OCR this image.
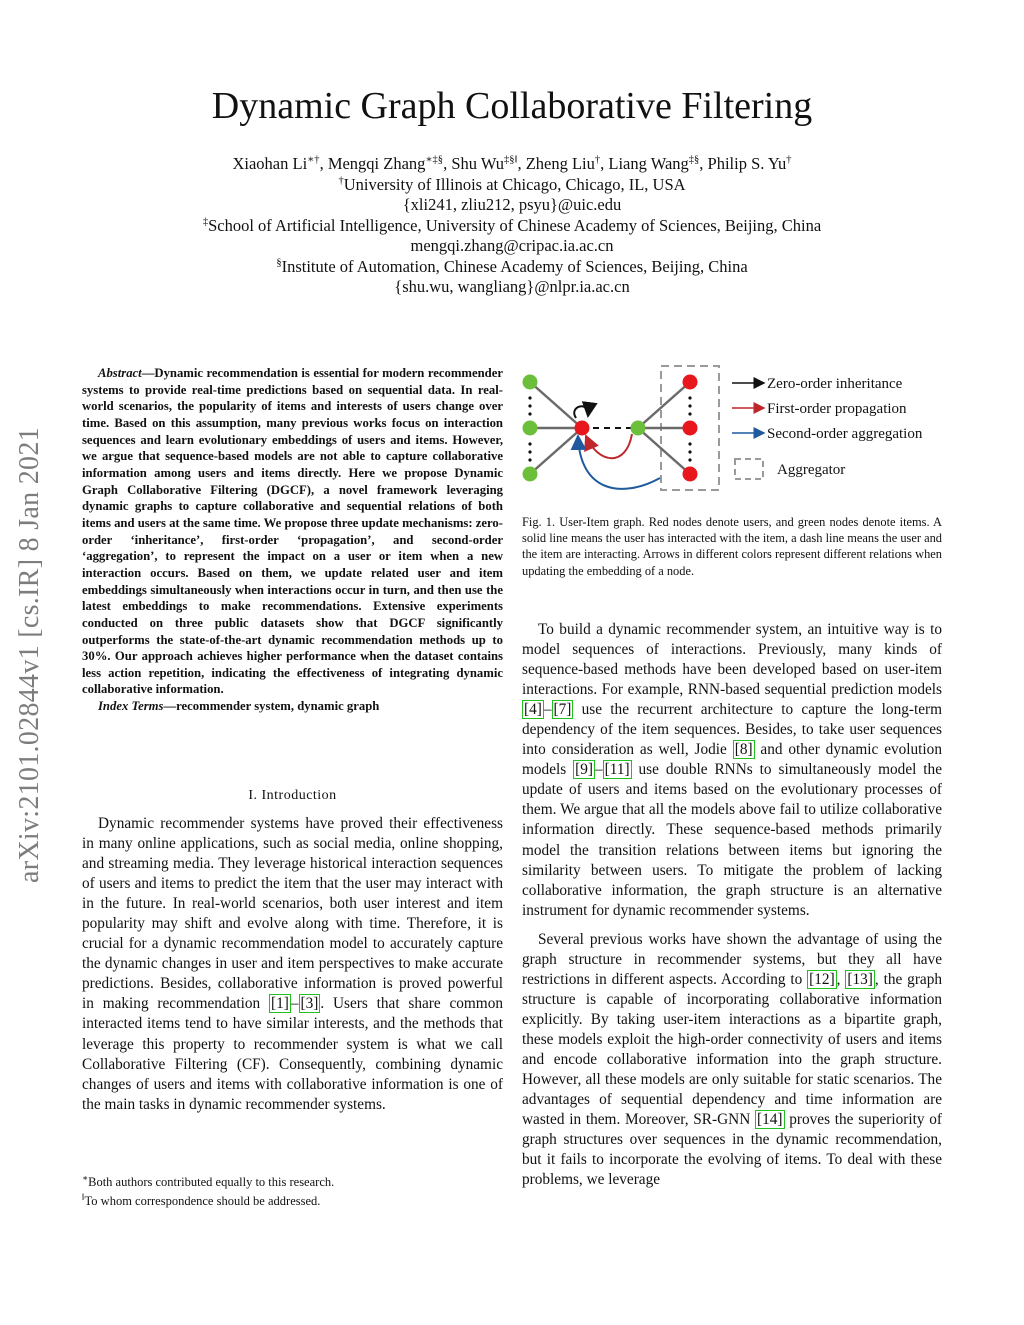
Dynamic Graph Collaborative Filtering
Xiaohan Li∗†, Mengqi Zhang∗‡§, Shu Wu‡§‖, Zheng Liu†, Liang Wang‡§, Philip S. Yu†
†University of Illinois at Chicago, Chicago, IL, USA
{xli241, zliu212, psyu}@uic.edu
‡School of Artificial Intelligence, University of Chinese Academy of Sciences, Beijing, China
mengqi.zhang@cripac.ia.ac.cn
§Institute of Automation, Chinese Academy of Sciences, Beijing, China
{shu.wu, wangliang}@nlpr.ia.ac.cn
arXiv:2101.02844v1 [cs.IR] 8 Jan 2021

Abstract—Dynamic recommendation is essential for modern recommender systems to provide real-time predictions based on sequential data. In real-world scenarios, the popularity of items and interests of users change over time. Based on this assumption, many previous works focus on interaction sequences and learn evolutionary embeddings of users and items. However, we argue that sequence-based models are not able to capture collaborative information among users and items directly. Here we propose Dynamic Graph Collaborative Filtering (DGCF), a novel framework leveraging dynamic graphs to capture collaborative and sequential relations of both items and users at the same time. We propose three update mechanisms: zero-order ‘inheritance’, first-order ‘propagation’, and second-order ‘aggregation’, to represent the impact on a user or item when a new interaction occurs. Based on them, we update related user and item embeddings simultaneously when interactions occur in turn, and then use the latest embeddings to make recommendations. Extensive experiments conducted on three public datasets show that DGCF significantly outperforms the state-of-the-art dynamic recommendation methods up to 30%. Our approach achieves higher performance when the dataset contains less action repetition, indicating the effectiveness of integrating dynamic collaborative information.

Index Terms—recommender system, dynamic graph

I. Introduction

Dynamic recommender systems have proved their effectiveness in many online applications, such as social media, online shopping, and streaming media. They leverage historical interaction sequences of users and items to predict the item that the user may interact with in the future. In real-world scenarios, both user interest and item popularity may shift and evolve along with time. Therefore, it is crucial for a dynamic recommendation model to accurately capture the dynamic changes in user and item perspectives to make accurate predictions. Besides, collaborative information is proved powerful in making recommendation [1] – [3] . Users that share common interacted items tend to have similar interests, and the methods that leverage this property to recommender system is what we call Collaborative Filtering (CF). Consequently, combining dynamic changes of users and items with collaborative information is one of the main tasks in dynamic recommender systems.

∗Both authors contributed equally to this research.
‖To whom correspondence should be addressed.
Zero-order inheritance
First-order propagation
Second-order aggregation
Aggregator
Fig. 1. User-Item graph. Red nodes denote users, and green nodes denote items. A solid line means the user has interacted with the item, a dash line means the user and the item are interacting. Arrows in different colors represent different relations when updating the embedding of a node.

To build a dynamic recommender system, an intuitive way is to model sequences of interactions. Previously, many kinds of sequence-based methods have been developed based on user-item interactions. For example, RNN-based sequential prediction models [4] – [7] use the recurrent architecture to capture the long-term dependency of the item sequences. Besides, to take user sequences into consideration as well, Jodie [8] and other dynamic evolution models [9] – [11] use double RNNs to simultaneously model the update of users and items based on the evolutionary processes of them. We argue that all the models above fail to utilize collaborative information directly. These sequence-based methods primarily model the transition relations between items but ignoring the similarity between users. To mitigate the problem of lacking collaborative information, the graph structure is an alternative instrument for dynamic recommender systems.

Several previous works have shown the advantage of using the graph structure in recommender systems, but they all have restrictions in different aspects. According to [12] , [13] , the graph structure is capable of incorporating collaborative information explicitly. By taking user-item interactions as a bipartite graph, these models exploit the high-order connectivity of users and items and encode collaborative information into the graph structure. However, all these models are only suitable for static scenarios. The advantages of sequential dependency and time information are wasted in them. Moreover, SR-GNN [14] proves the superiority of graph structures over sequences in the dynamic recommendation, but it fails to incorporate the evolving of items. To deal with these problems, we leverage
